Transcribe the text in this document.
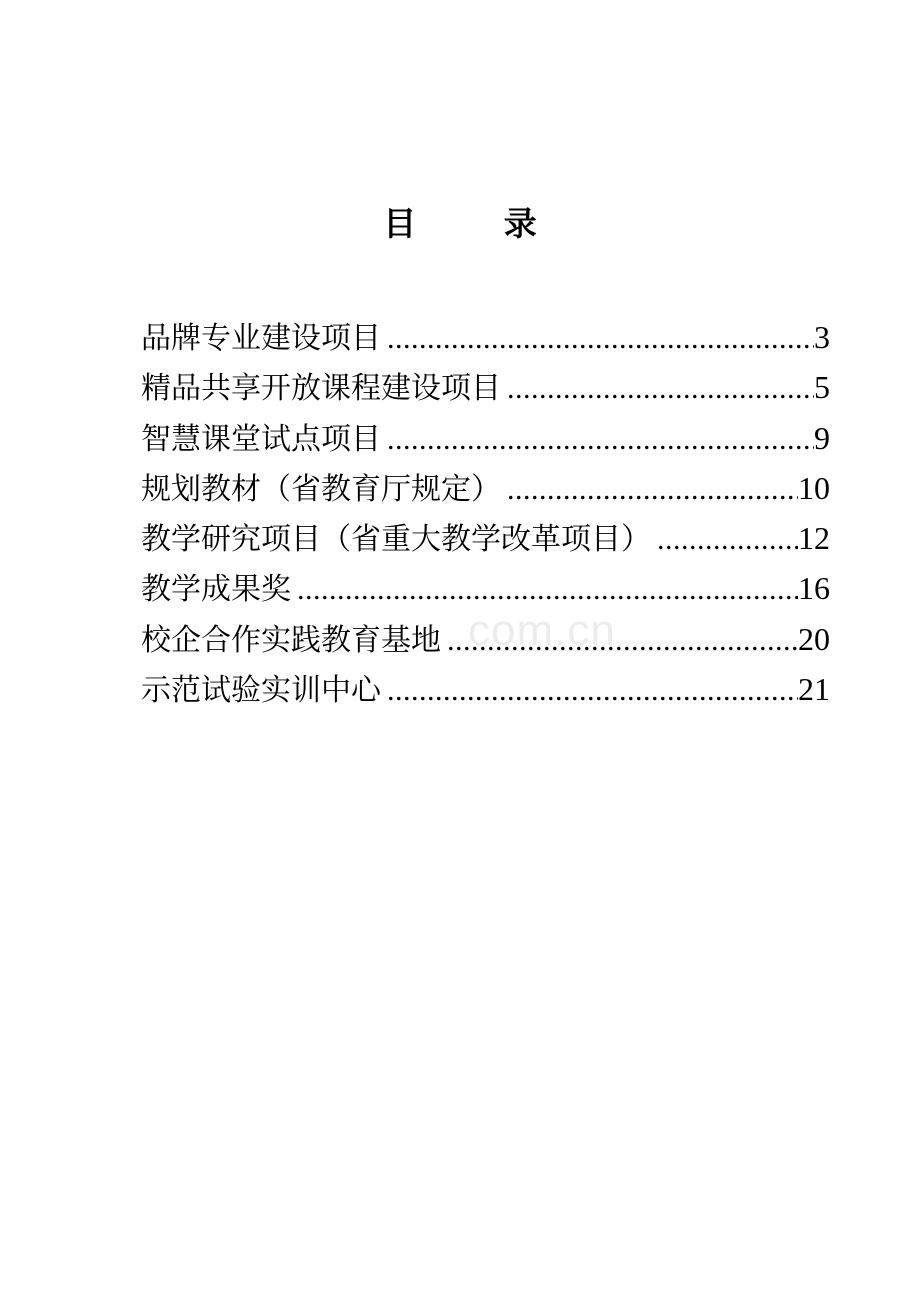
目 录
品牌专业建设项目 .....	3
精品共享开放课程建设项目 .....	5
智慧课堂试点项目 .....	9
规划教材（省教育厅规定） .....	10
教学研究项目（省重大教学改革项目） .....	12
教学成果奖 .....	16
校企合作实践教育基地 .....	20
示范试验实训中心 .....	21
com.cn
